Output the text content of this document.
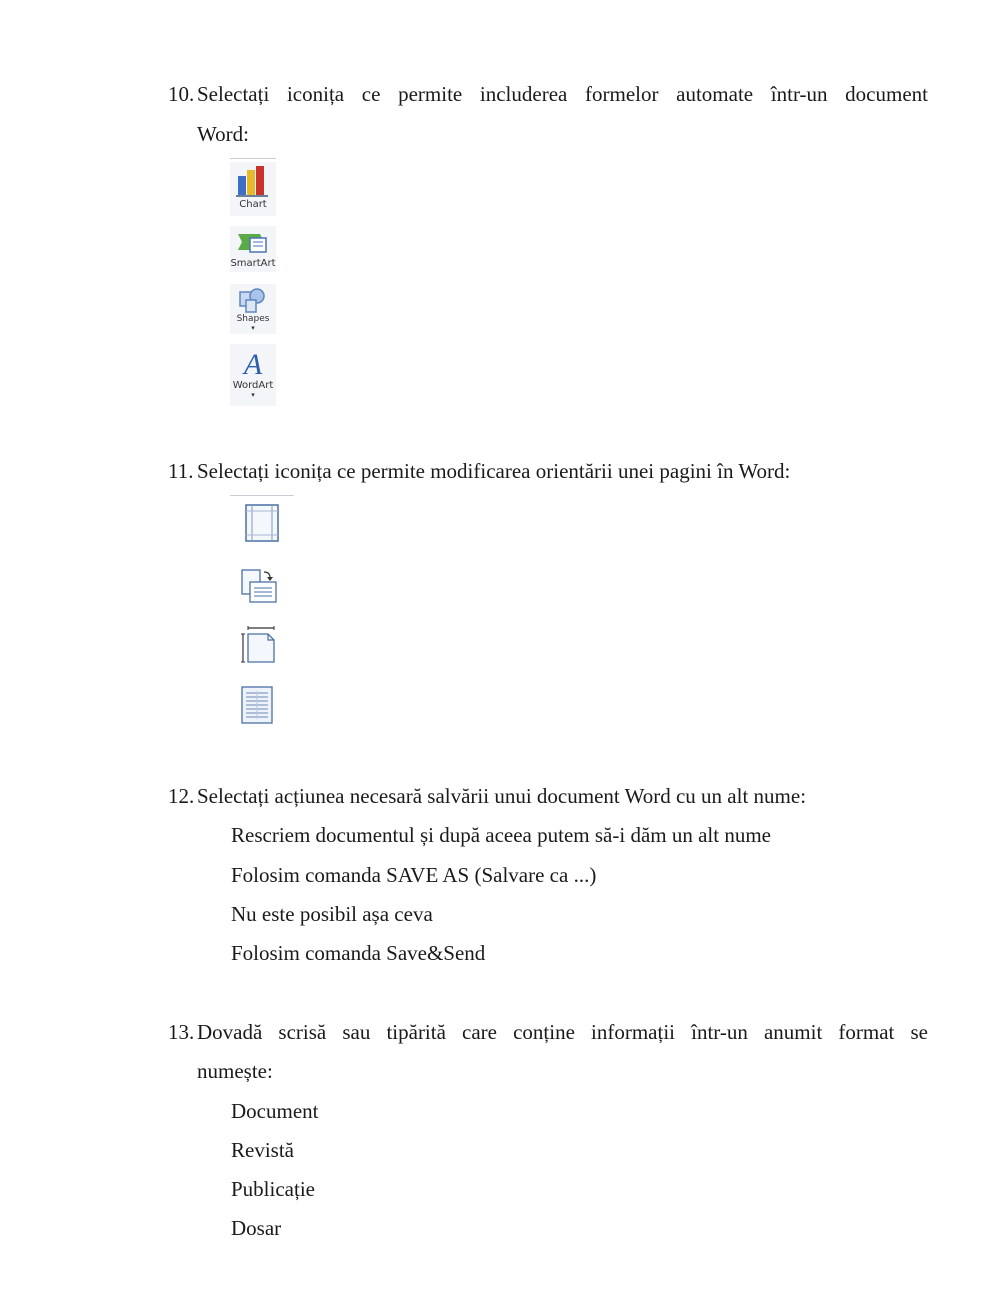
10. Selectați iconița ce permite includerea formelor automate într-un document
Word:
Chart
SmartArt
Shapes
▾
A
WordArt
▾
11. Selectați iconița ce permite modificarea orientării unei pagini în Word:
12. Selectați acțiunea necesară salvării unui document Word cu un alt nume:
Rescriem documentul și după aceea putem să-i dăm un alt nume
Folosim comanda SAVE AS (Salvare ca ...)
Nu este posibil așa ceva
Folosim comanda Save&Send
13. Dovadă scrisă sau tipărită care conține informații într-un anumit format se
numește:
Document
Revistă
Publicație
Dosar
